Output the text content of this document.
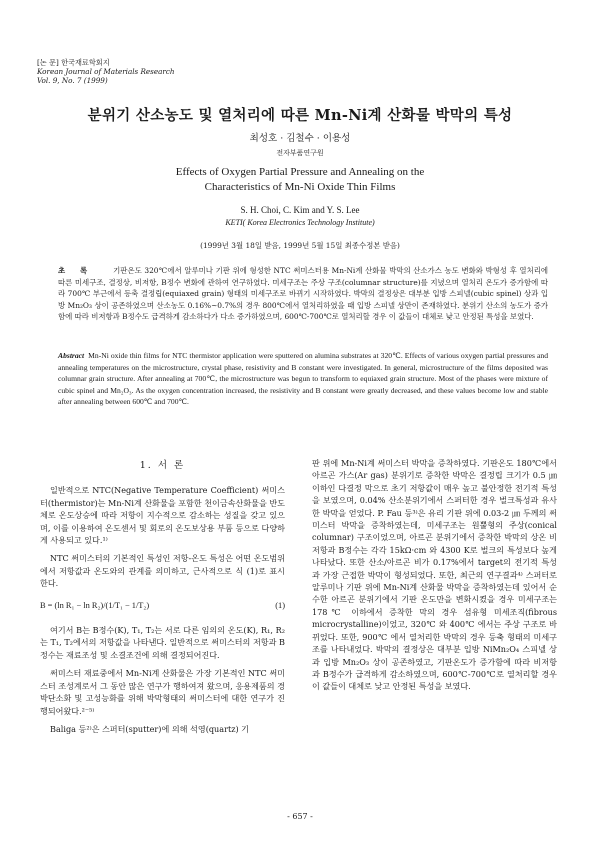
[논 문] 한국재료학회지
Korean Journal of Materials Research
Vol. 9, No. 7 (1999)
분위기 산소농도 및 열처리에 따른 Mn-Ni계 산화물 박막의 특성
최성호 · 김철수 · 이용성
전자부품연구원
Effects of Oxygen Partial Pressure and Annealing on the
Characteristics of Mn-Ni Oxide Thin Films
S. H. Choi, C. Kim and Y. S. Lee
KETI( Korea Electronics Technology Institute)
(1999년 3월 18일 받음, 1999년 5월 15일 최종수정본 받음)
초 록	기판온도 320℃에서 알루미나 기판 위에 형성한 NTC 써미스터용 Mn-Ni계 산화물 박막의 산소가스 농도 변화와 박형성 후 열처리에 따른 미세구조, 결정상, 비저항, B정수 변화에 관하여 연구하였다. 미세구조는 주상 구조(columnar structure)를 지녔으며 열처리 온도가 증가함에 따라 700℃ 부근에서 등축 결정립(equiaxed grain) 형태의 미세구조로 바뀌기 시작하였다. 박막의 결정상은 대부분 입방 스피넬(cubic spinel) 상과 입방 Mn₂O₃ 상이 공존하였으며 산소농도 0.16%~0.7%의 경우 800℃에서 열처리하였을 때 입방 스피넬 상만이 존재하였다. 분위기 산소의 농도가 증가함에 따라 비저항과 B정수도 급격하게 감소하다가 다소 증가하였으며, 600℃-700℃로 열처리할 경우 이 값들이 대체로 낮고 안정된 특성을 보였다.
Abstract Mn-Ni oxide thin films for NTC thermistor application were sputtered on alumina substrates at 320℃. Effects of various oxygen partial pressures and annealing temperatures on the microstructure, crystal phase, resistivity and B constant were investigated. In general, microstructure of the films deposited was columnar grain structure. After annealing at 700℃, the microstructure was begun to transform to equiaxed grain structure. Most of the phases were mixture of cubic spinel and Mn₂O₃. As the oxygen concentration increased, the resistivity and B constant were greatly decreased, and these values become low and stable after annealing between 600℃ and 700℃.
1. 서 론

일반적으로 NTC(Negative Temperature Coefficient) 써미스터(thermistor)는 Mn-Ni계 산화물을 포함한 천이금속산화물을 반도체로 온도상승에 따라 저항이 지수적으로 감소하는 성질을 갖고 있으며, 이를 이용하여 온도센서 및 회로의 온도보상용 부품 등으로 다양하게 사용되고 있다.¹⁾

NTC 써미스터의 기본적인 특성인 저항-온도 특성은 어떤 온도범위에서 저항값과 온도와의 관계를 의미하고, 근사적으로 식 (1)로 표시한다.

B = (ln R₁ − ln R₂)/(1/T₁ − 1/T₂)	(1)

여기서 B는 B정수(K), T₁, T₂는 서로 다른 임의의 온도(K), R₁, R₂는 T₁, T₂에서의 저항값을 나타낸다. 일반적으로 써미스터의 저항과 B정수는 재료조성 및 소결조건에 의해 결정되어진다.

써미스터 재료중에서 Mn-Ni계 산화물은 가장 기본적인 NTC 써미스터 조성계로서 그 동안 많은 연구가 행하여져 왔으며, 응용제품의 경박단소화 및 고성능화를 위해 박막형태의 써미스터에 대한 연구가 진행되어왔다.²⁻⁵⁾

Baliga 등²⁾은 스퍼터(sputter)에 의해 석영(quartz) 기

판 위에 Mn-Ni계 써미스터 박막을 증착하였다. 기판온도 180℃에서 아르곤 가스(Ar gas) 분위기로 증착한 박막은 결정립 크기가 0.5 ㎛ 이하인 다결정 막으로 초기 저항값이 매우 높고 불안정한 전기적 특성을 보였으며, 0.04% 산소분위기에서 스퍼터한 경우 벌크특성과 유사한 박막을 얻었다. P. Fau 등³⁾은 유리 기판 위에 0.03-2 ㎛ 두께의 써미스터 박막을 증착하였는데, 미세구조는 원뿔형의 주상(conical columnar) 구조이었으며, 아르곤 분위기에서 증착한 박막의 상온 비저항과 B정수는 각각 15kΩ·cm 와 4300 K로 벌크의 특성보다 높게 나타났다. 또한 산소/아르곤 비가 0.17%에서 target의 전기적 특성과 가장 근접한 박막이 형성되었다. 또한, 최근의 연구결과⁴⁾ 스퍼터로 알루미나 기판 위에 Mn-Ni계 산화물 박막을 증착하였는데 있어서 순수한 아르곤 분위기에서 기판 온도만을 변화시켰을 경우 미세구조는 178℃ 이하에서 증착한 막의 경우 섬유형 미세조직(fibrous microcrystalline)이었고, 320℃ 와 400℃ 에서는 주상 구조로 바뀌었다. 또한, 900℃ 에서 열처리한 박막의 경우 등축 형태의 미세구조를 나타내었다. 박막의 결정상은 대부분 입방 NiMn₂O₄ 스피넬 상과 입방 Mn₂O₃ 상이 공존하였고, 기판온도가 증가함에 따라 비저항과 B정수가 급격하게 감소하였으며, 600℃-700℃로 열처리할 경우 이 값들이 대체로 낮고 안정된 특성을 보였다.

- 657 -
